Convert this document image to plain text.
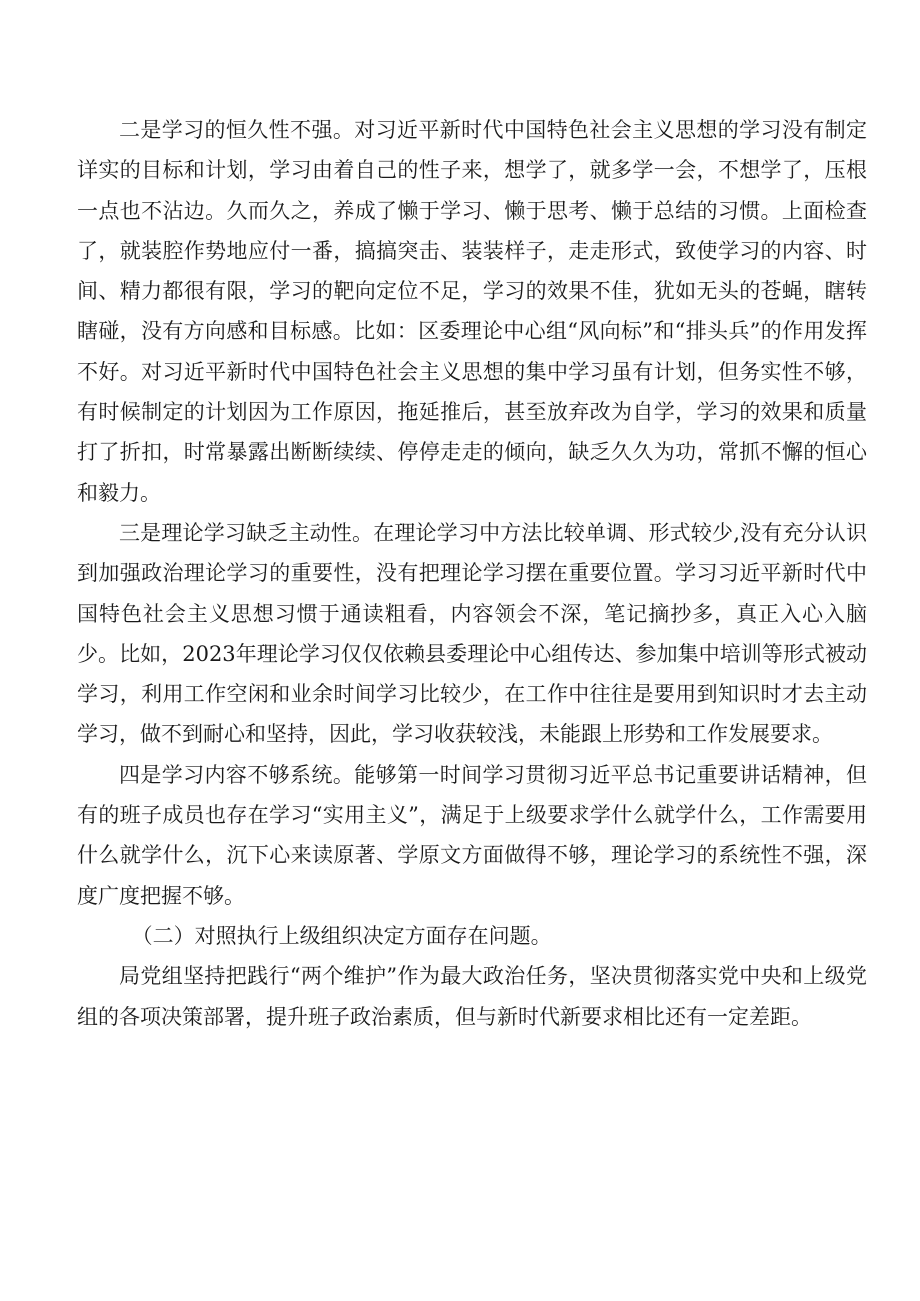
二是学习的恒久性不强。对习近平新时代中国特色社会主义思想的学习没有制定详实的目标和计划，学习由着自己的性子来，想学了，就多学一会，不想学了，压根一点也不沾边。久而久之，养成了懒于学习、懒于思考、懒于总结的习惯。上面检查了，就装腔作势地应付一番，搞搞突击、装装样子，走走形式，致使学习的内容、时间、精力都很有限，学习的靶向定位不足，学习的效果不佳，犹如无头的苍蝇，瞎转瞎碰，没有方向感和目标感。比如：区委理论中心组“风向标”和“排头兵”的作用发挥不好。对习近平新时代中国特色社会主义思想的集中学习虽有计划，但务实性不够，有时候制定的计划因为工作原因，拖延推后，甚至放弃改为自学，学习的效果和质量打了折扣，时常暴露出断断续续、停停走走的倾向，缺乏久久为功，常抓不懈的恒心和毅力。

三是理论学习缺乏主动性。在理论学习中方法比较单调、形式较少,没有充分认识到加强政治理论学习的重要性，没有把理论学习摆在重要位置。学习习近平新时代中国特色社会主义思想习惯于通读粗看，内容领会不深，笔记摘抄多，真正入心入脑少。比如，2023年理论学习仅仅依赖县委理论中心组传达、参加集中培训等形式被动学习，利用工作空闲和业余时间学习比较少，在工作中往往是要用到知识时才去主动学习，做不到耐心和坚持，因此，学习收获较浅，未能跟上形势和工作发展要求。

四是学习内容不够系统。能够第一时间学习贯彻习近平总书记重要讲话精神，但有的班子成员也存在学习“实用主义”，满足于上级要求学什么就学什么，工作需要用什么就学什么，沉下心来读原著、学原文方面做得不够，理论学习的系统性不强，深度广度把握不够。

（二）对照执行上级组织决定方面存在问题。

局党组坚持把践行“两个维护”作为最大政治任务，坚决贯彻落实党中央和上级党组的各项决策部署，提升班子政治素质，但与新时代新要求相比还有一定差距。
